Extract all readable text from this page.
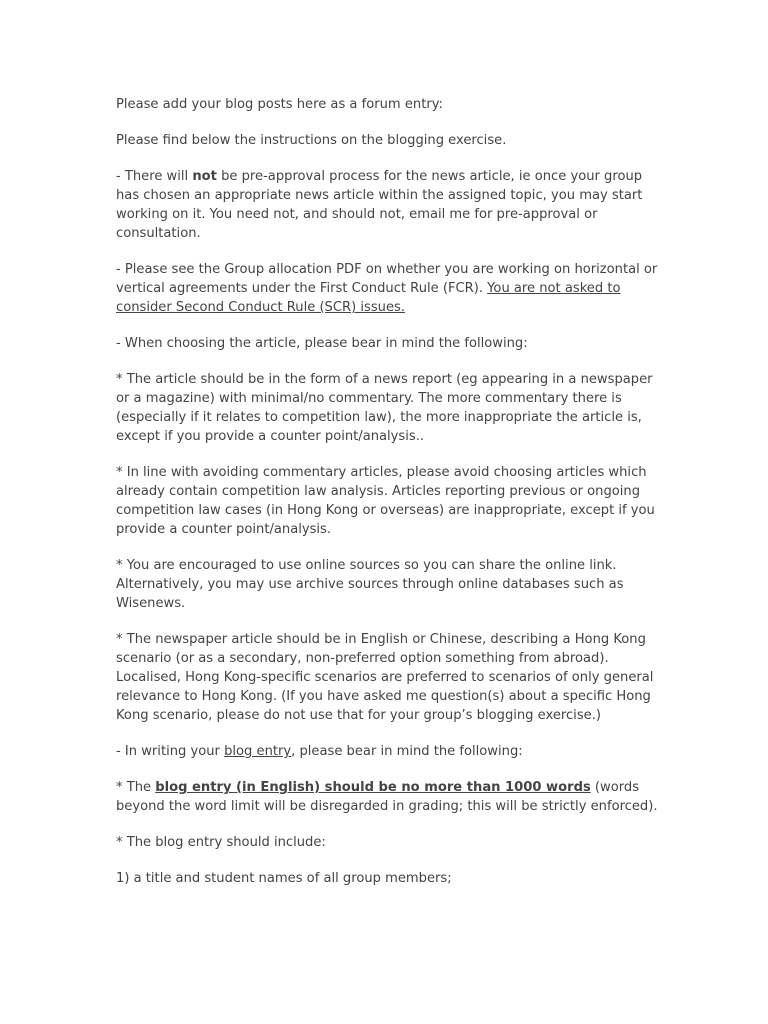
Please add your blog posts here as a forum entry:

Please find below the instructions on the blogging exercise.

- There will not be pre-approval process for the news article, ie once your group has chosen an appropriate news article within the assigned topic, you may start working on it. You need not, and should not, email me for pre-approval or consultation.

- Please see the Group allocation PDF on whether you are working on horizontal or vertical agreements under the First Conduct Rule (FCR). You are not asked to consider Second Conduct Rule (SCR) issues.

- When choosing the article, please bear in mind the following:

* The article should be in the form of a news report (eg appearing in a newspaper or a magazine) with minimal/no commentary. The more commentary there is (especially if it relates to competition law), the more inappropriate the article is, except if you provide a counter point/analysis..

* In line with avoiding commentary articles, please avoid choosing articles which already contain competition law analysis. Articles reporting previous or ongoing competition law cases (in Hong Kong or overseas) are inappropriate, except if you provide a counter point/analysis.

* You are encouraged to use online sources so you can share the online link. Alternatively, you may use archive sources through online databases such as Wisenews.

* The newspaper article should be in English or Chinese, describing a Hong Kong scenario (or as a secondary, non-preferred option something from abroad). Localised, Hong Kong-specific scenarios are preferred to scenarios of only general relevance to Hong Kong. (If you have asked me question(s) about a specific Hong Kong scenario, please do not use that for your group’s blogging exercise.)

- In writing your blog entry, please bear in mind the following:

* The blog entry (in English) should be no more than 1000 words (words beyond the word limit will be disregarded in grading; this will be strictly enforced).

* The blog entry should include:

1) a title and student names of all group members;
